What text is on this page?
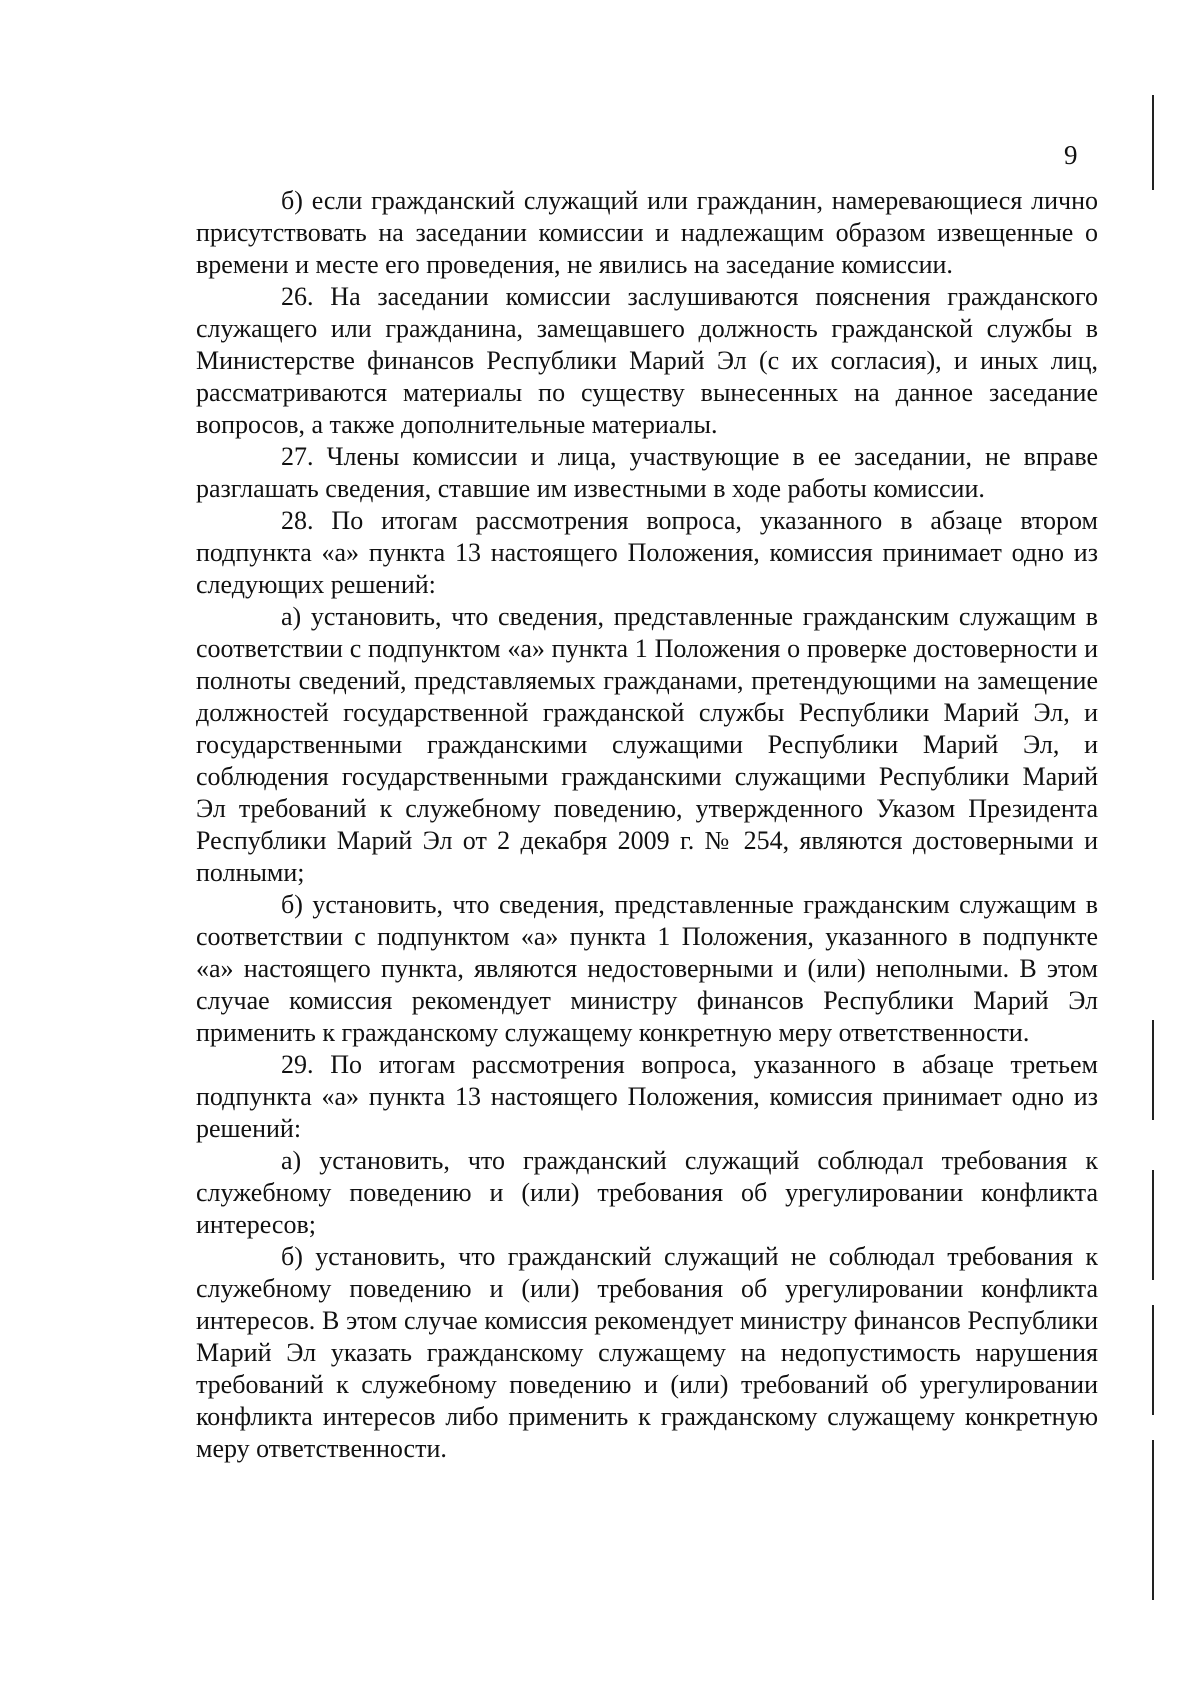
9

б) если гражданский служащий или гражданин, намеревающиеся лично присутствовать на заседании комиссии и надлежащим образом извещенные о времени и месте его проведения, не явились на заседание комиссии.

26. На заседании комиссии заслушиваются пояснения гражданского служащего или гражданина, замещавшего должность гражданской службы в Министерстве финансов Республики Марий Эл (с их согласия), и иных лиц, рассматриваются материалы по существу вынесенных на данное заседание вопросов, а также дополнительные материалы.

27. Члены комиссии и лица, участвующие в ее заседании, не вправе разглашать сведения, ставшие им известными в ходе работы комиссии.

28. По итогам рассмотрения вопроса, указанного в абзаце втором подпункта «а» пункта 13 настоящего Положения, комиссия принимает одно из следующих решений:

а) установить, что сведения, представленные гражданским служащим в соответствии с подпунктом «а» пункта 1 Положения о проверке достоверности и полноты сведений, представляемых гражданами, претендующими на замещение должностей государственной гражданской службы Республики Марий Эл, и государственными гражданскими служащими Республики Марий Эл, и соблюдения государственными гражданскими служащими Республики Марий Эл требований к служебному поведению, утвержденного Указом Президента Республики Марий Эл от 2 декабря 2009 г. № 254, являются достоверными и полными;

б) установить, что сведения, представленные гражданским служащим в соответствии с подпунктом «а» пункта 1 Положения, указанного в подпункте «а» настоящего пункта, являются недостоверными и (или) неполными. В этом случае комиссия рекомендует министру финансов Республики Марий Эл применить к гражданскому служащему конкретную меру ответственности.

29. По итогам рассмотрения вопроса, указанного в абзаце третьем подпункта «а» пункта 13 настоящего Положения, комиссия принимает одно из решений:

а) установить, что гражданский служащий соблюдал требования к служебному поведению и (или) требования об урегулировании конфликта интересов;

б) установить, что гражданский служащий не соблюдал требования к служебному поведению и (или) требования об урегулировании конфликта интересов. В этом случае комиссия рекомендует министру финансов Республики Марий Эл указать гражданскому служащему на недопустимость нарушения требований к служебному поведению и (или) требований об урегулировании конфликта интересов либо применить к гражданскому служащему конкретную меру ответственности.
